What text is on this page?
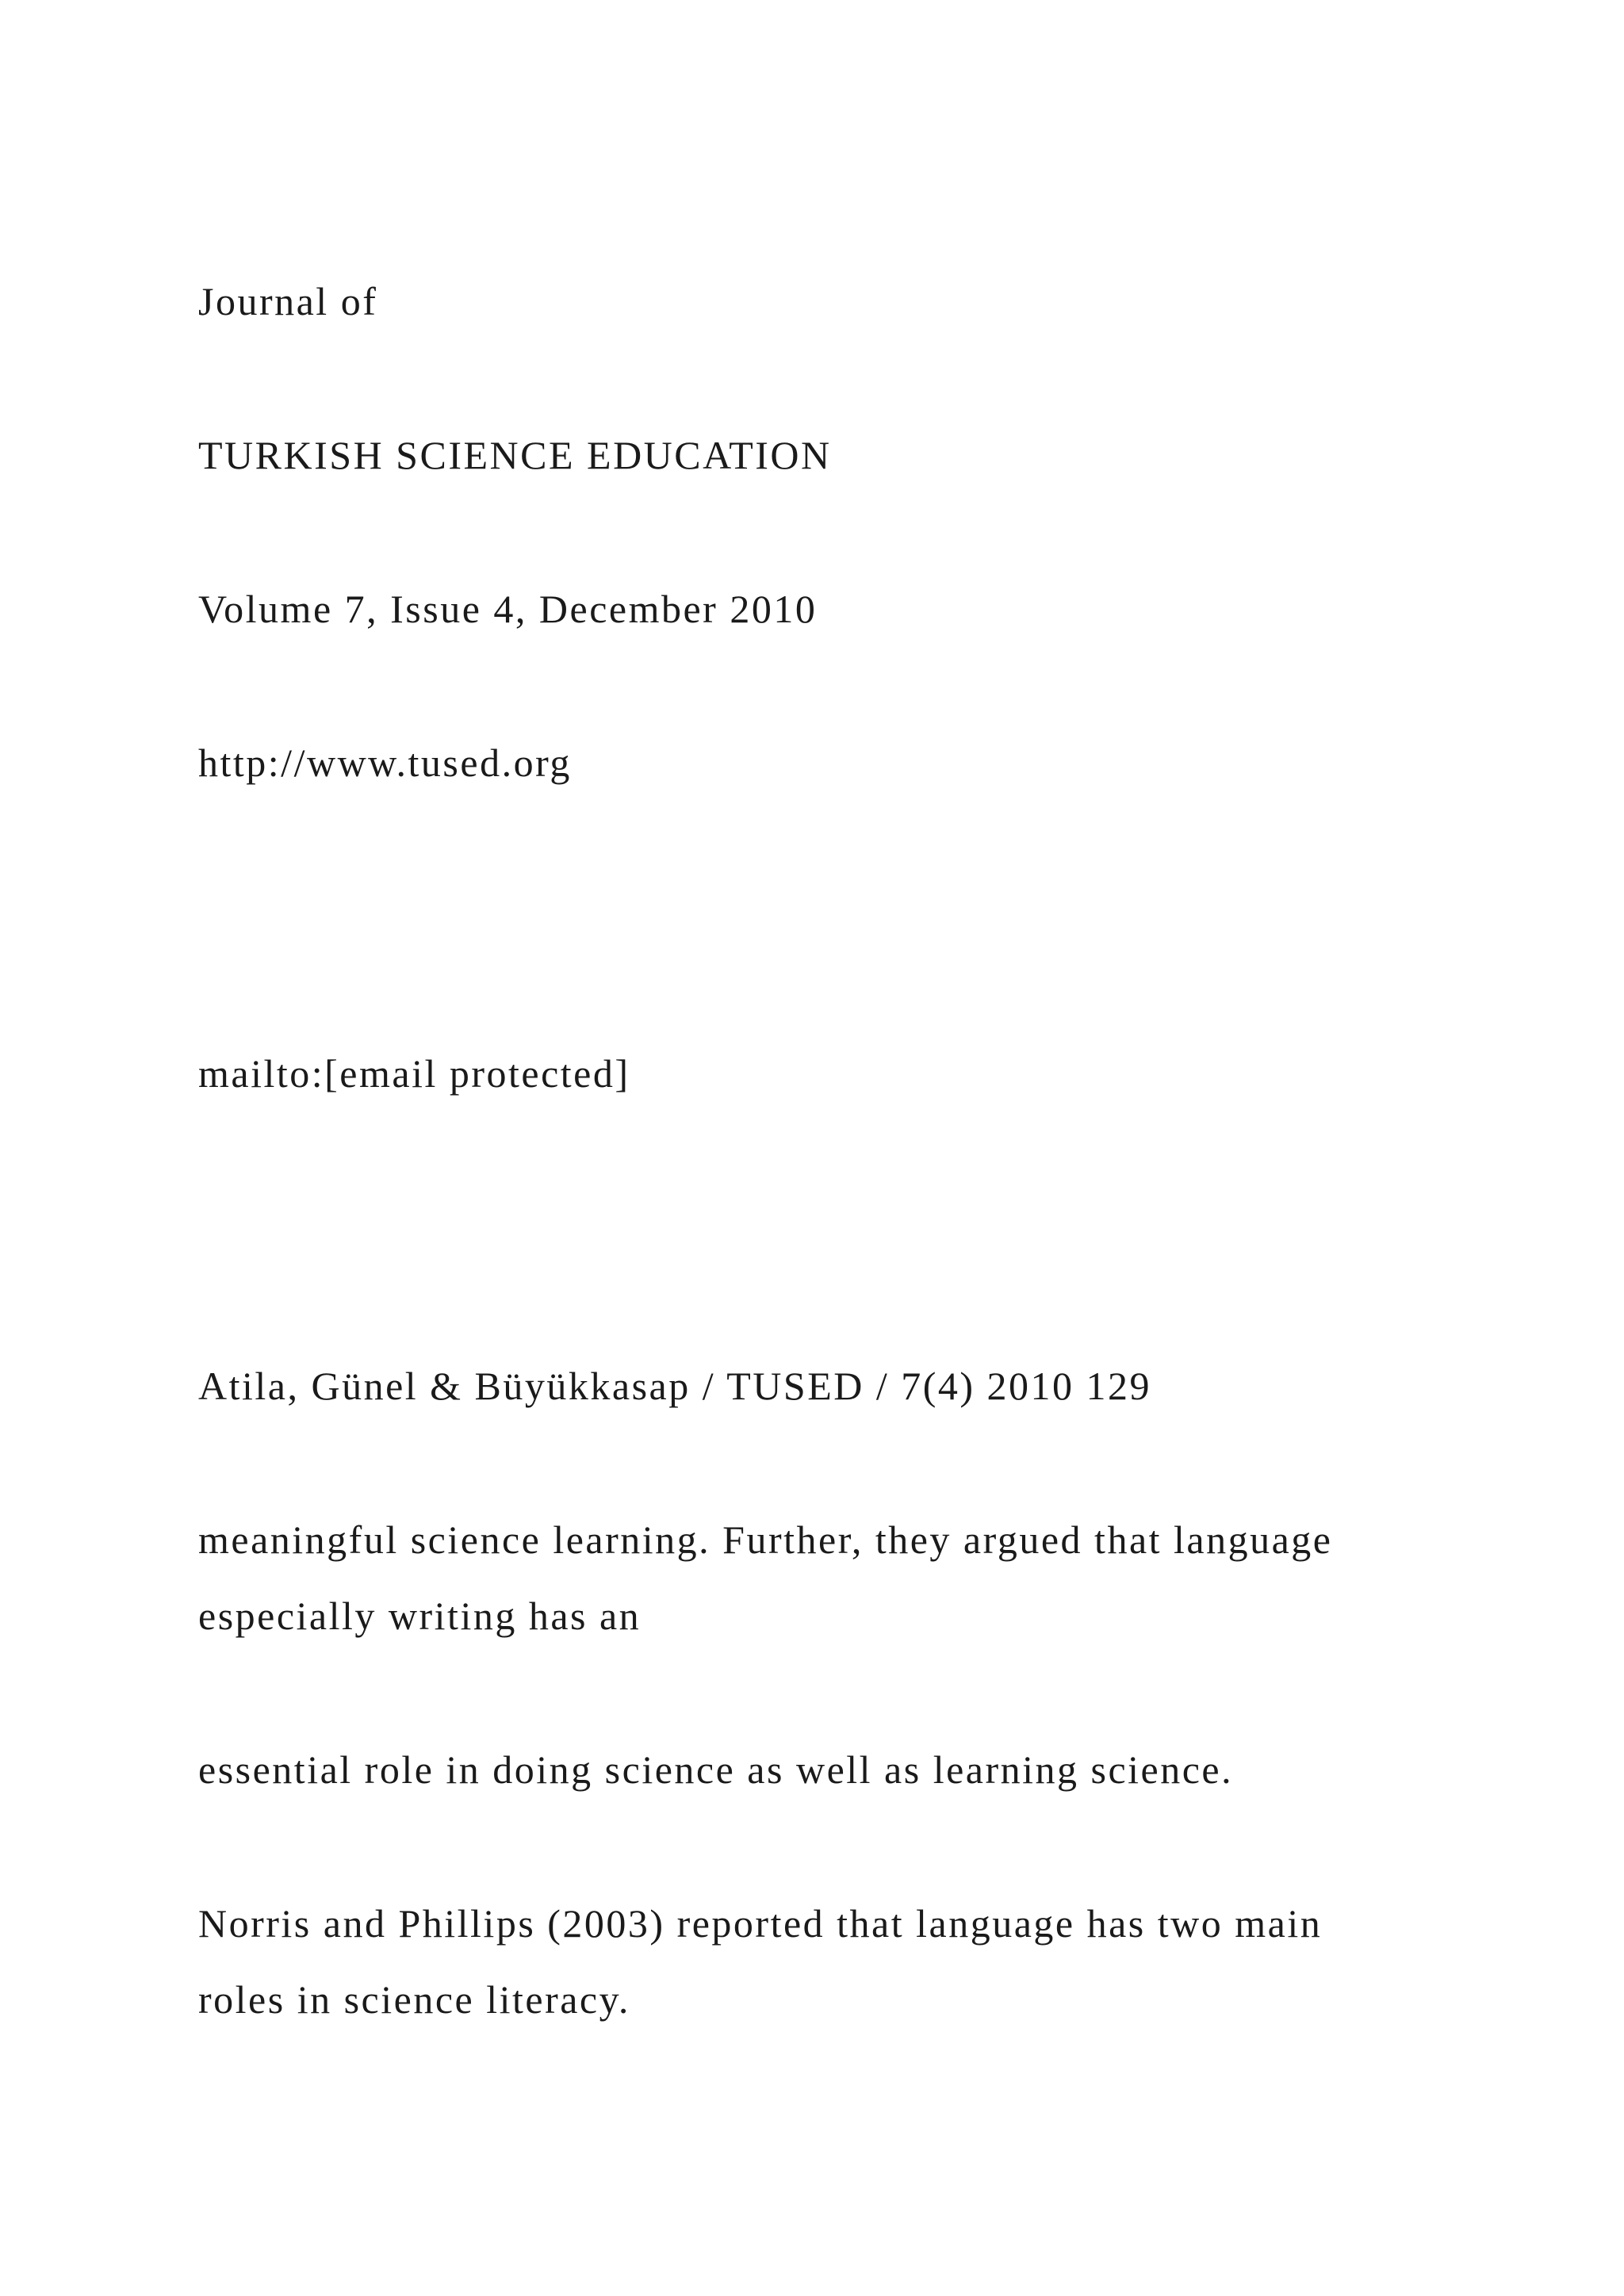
Journal of

TURKISH SCIENCE EDUCATION

Volume 7, Issue 4, December 2010

http://www.tused.org

mailto:[email protected]

Atila, Günel & Büyükkasap / TUSED / 7(4) 2010 129

meaningful science learning. Further, they argued that language

especially writing has an

essential role in doing science as well as learning science.

Norris and Phillips (2003) reported that language has two main

roles in science literacy.
